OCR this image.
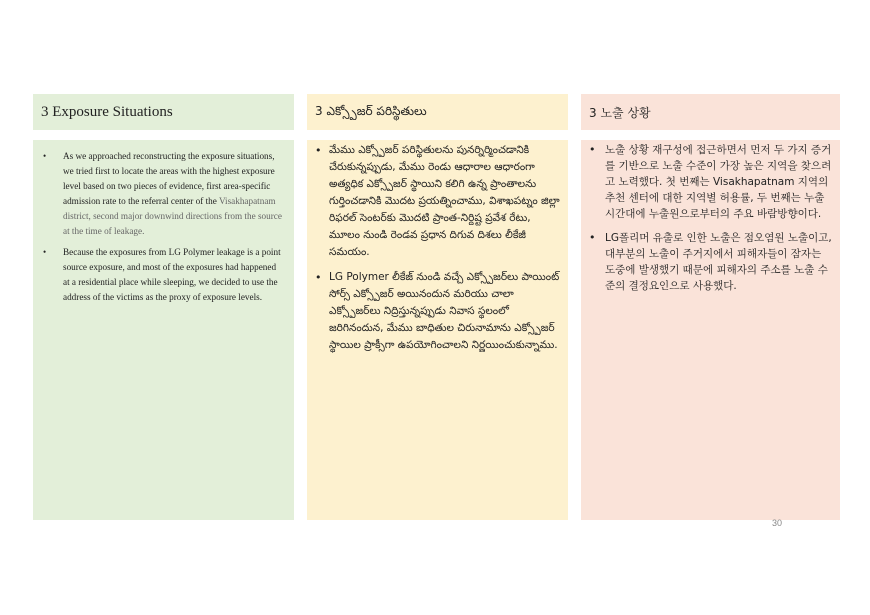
3 Exposure Situations
• As we approached reconstructing the exposure situations, we tried first to locate the areas with the highest exposure level based on two pieces of evidence, first area-specific admission rate to the referral center of the Visakhapatnam district, second major downwind directions from the source at the time of leakage.
• Because the exposures from LG Polymer leakage is a point source exposure, and most of the exposures had happened at a residential place while sleeping, we decided to use the address of the victims as the proxy of exposure levels.
3 ఎక్స్పోజర్ పరిస్థితులు
• మేము ఎక్స్పోజర్ పరిస్థితులను పునర్నిర్మించడానికి చేరుకున్నప్పుడు, మేము రెండు ఆధారాల ఆధారంగా అత్యధిక ఎక్స్పోజర్ స్థాయిని కలిగి ఉన్న ప్రాంతాలను గుర్తించడానికి మొదట ప్రయత్నించాము, విశాఖపట్నం జిల్లా రిఫరల్ సెంటర్‌కు మొదటి ప్రాంత-నిర్దిష్ట ప్రవేశ రేటు, మూలం నుండి రెండవ ప్రధాన దిగువ దిశలు లీకేజీ సమయం.
• LG Polymer లీకేజ్ నుండి వచ్చే ఎక్స్పోజర్‌లు పాయింట్ సోర్స్ ఎక్స్పోజర్ అయినందున మరియు చాలా ఎక్స్పోజర్‌లు నిద్రిస్తున్నప్పుడు నివాస స్థలంలో జరిగినందున, మేము బాధితుల చిరునామాను ఎక్స్పోజర్ స్థాయిల ప్రాక్సీగా ఉపయోగించాలని నిర్ణయించుకున్నాము.
3 노출 상황
• 노출 상황 재구성에 접근하면서 먼저 두 가지 증거를 기반으로 노출 수준이 가장 높은 지역을 찾으려고 노력했다. 첫 번째는 Visakhapatnam 지역의 추천 센터에 대한 지역별 허용률, 두 번째는 누출 시간대에 누출원으로부터의 주요 바람방향이다.
• LG폴리머 유출로 인한 노출은 점오염원 노출이고, 대부분의 노출이 주거지에서 피해자들이 잠자는 도중에 발생했기 때문에 피해자의 주소를 노출 수준의 결정요인으로 사용했다.
30
